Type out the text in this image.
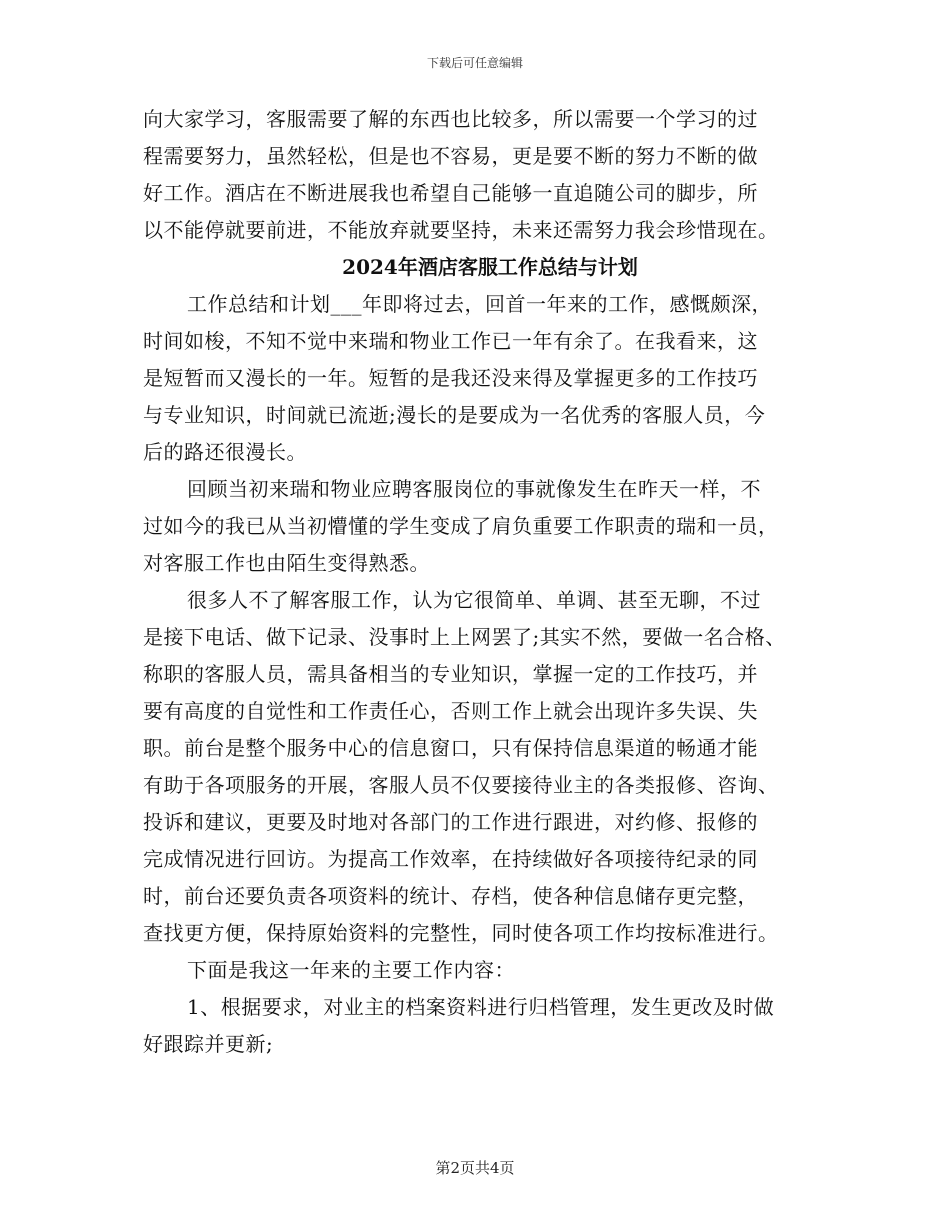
下载后可任意编辑
向大家学习，客服需要了解的东西也比较多，所以需要一个学习的过
程需要努力，虽然轻松，但是也不容易，更是要不断的努力不断的做
好工作。酒店在不断进展我也希望自己能够一直追随公司的脚步，所
以不能停就要前进，不能放弃就要坚持，未来还需努力我会珍惜现在。
2024年酒店客服工作总结与计划
工作总结和计划___年即将过去，回首一年来的工作，感慨颇深，
时间如梭，不知不觉中来瑞和物业工作已一年有余了。在我看来，这
是短暂而又漫长的一年。短暂的是我还没来得及掌握更多的工作技巧
与专业知识，时间就已流逝;漫长的是要成为一名优秀的客服人员，今
后的路还很漫长。
回顾当初来瑞和物业应聘客服岗位的事就像发生在昨天一样，不
过如今的我已从当初懵懂的学生变成了肩负重要工作职责的瑞和一员，
对客服工作也由陌生变得熟悉。
很多人不了解客服工作，认为它很简单、单调、甚至无聊，不过
是接下电话、做下记录、没事时上上网罢了;其实不然，要做一名合格、
称职的客服人员，需具备相当的专业知识，掌握一定的工作技巧，并
要有高度的自觉性和工作责任心，否则工作上就会出现许多失误、失
职。前台是整个服务中心的信息窗口，只有保持信息渠道的畅通才能
有助于各项服务的开展，客服人员不仅要接待业主的各类报修、咨询、
投诉和建议，更要及时地对各部门的工作进行跟进，对约修、报修的
完成情况进行回访。为提高工作效率，在持续做好各项接待纪录的同
时，前台还要负责各项资料的统计、存档，使各种信息储存更完整，
查找更方便，保持原始资料的完整性，同时使各项工作均按标准进行。
下面是我这一年来的主要工作内容：
1、根据要求，对业主的档案资料进行归档管理，发生更改及时做
好跟踪并更新;
第2页共4页
